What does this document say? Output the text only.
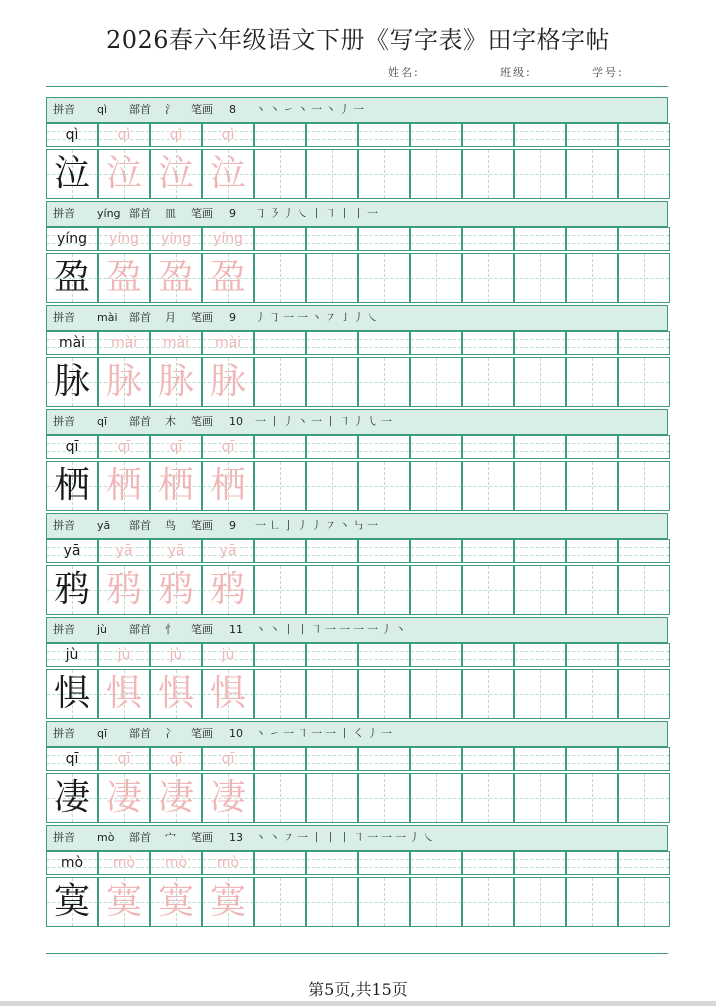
2026春六年级语文下册《写字表》田字格字帖
姓名:	班级:	学号:
拼音 qì 部首 氵 笔画 8 丶丶㇀丶一丶丿一
qì	qì	qì	qì
泣 泣 泣 泣
拼音 yíng 部首 皿 笔画 9 ㇆㇋丿㇏丨㇕丨丨一
yíng	yíng	yíng	yíng
盈 盈 盈 盈
拼音 mài 部首 月 笔画 9 丿㇆一一丶㇇㇚丿㇏
mài	mài	mài	mài
脉 脉 脉 脉
拼音 qī 部首 木 笔画 10 一丨丿丶一丨㇕丿㇂一
qī	qī	qī	qī
栖 栖 栖 栖
拼音 yā 部首 鸟 笔画 9 一㇗亅丿丿㇇丶㇉一
yā	yā	yā	yā
鸦 鸦 鸦 鸦
拼音 jù 部首 忄 笔画 11 丶丶丨丨㇕一一一一丿丶
jù	jù	jù	jù
惧 惧 惧 惧
拼音 qī 部首 冫 笔画 10 丶㇀一㇕一一丨㇛丿一
qī	qī	qī	qī
凄 凄 凄 凄
拼音 mò 部首 宀 笔画 13 丶丶㇇一丨丨丨㇕一一一丿㇏
mò	mò	mò	mò
寞 寞 寞 寞
第5页,共15页
